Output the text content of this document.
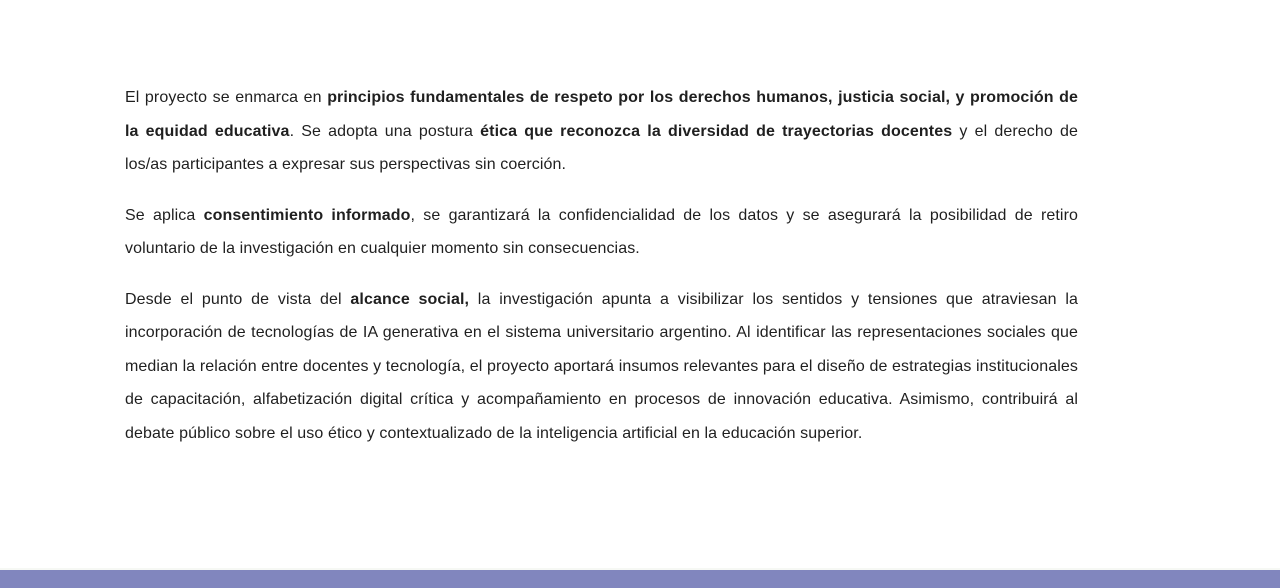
El proyecto se enmarca en principios fundamentales de respeto por los derechos humanos, justicia social, y promoción de la equidad educativa. Se adopta una postura ética que reconozca la diversidad de trayectorias docentes y el derecho de los/as participantes a expresar sus perspectivas sin coerción.

Se aplica consentimiento informado, se garantizará la confidencialidad de los datos y se asegurará la posibilidad de retiro voluntario de la investigación en cualquier momento sin consecuencias.

Desde el punto de vista del alcance social, la investigación apunta a visibilizar los sentidos y tensiones que atraviesan la incorporación de tecnologías de IA generativa en el sistema universitario argentino. Al identificar las representaciones sociales que median la relación entre docentes y tecnología, el proyecto aportará insumos relevantes para el diseño de estrategias institucionales de capacitación, alfabetización digital crítica y acompañamiento en procesos de innovación educativa. Asimismo, contribuirá al debate público sobre el uso ético y contextualizado de la inteligencia artificial en la educación superior.
